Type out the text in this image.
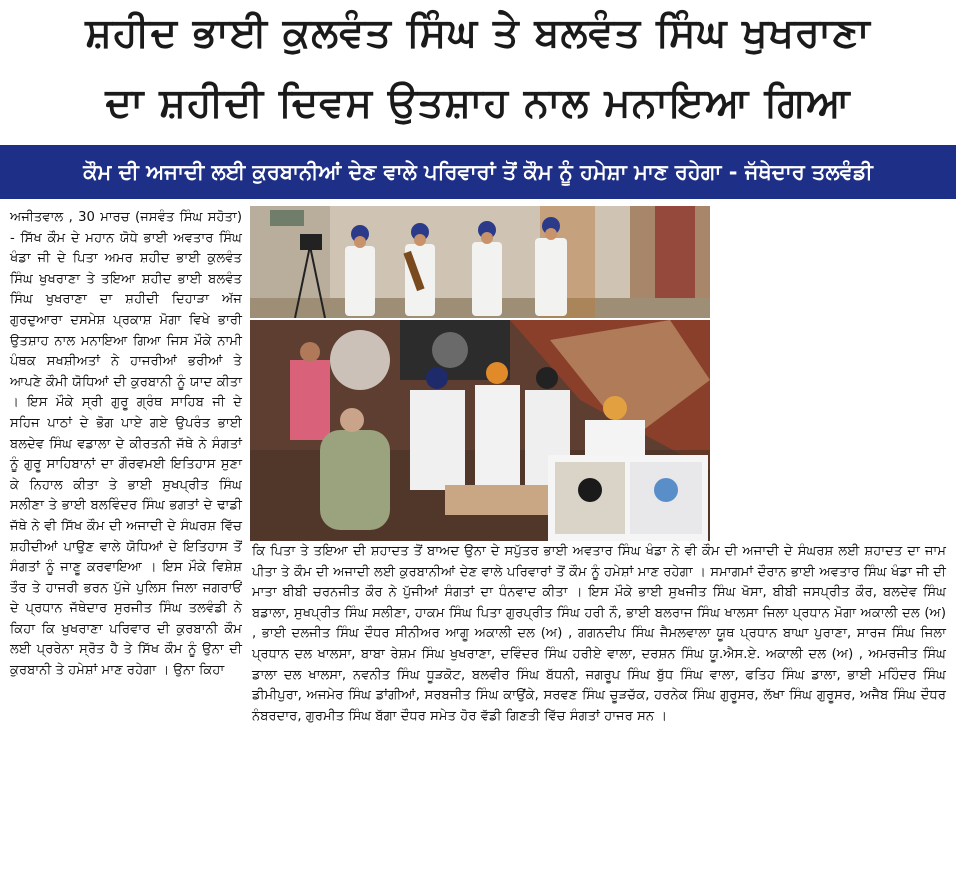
ਸ਼ਹੀਦ ਭਾਈ ਕੁਲਵੰਤ ਸਿੰਘ ਤੇ ਬਲਵੰਤ ਸਿੰਘ ਖੁਖਰਾਣਾ
ਦਾ ਸ਼ਹੀਦੀ ਦਿਵਸ ਉਤਸ਼ਾਹ ਨਾਲ ਮਨਾਇਆ ਗਿਆ
ਕੌਮ ਦੀ ਅਜਾਦੀ ਲਈ ਕੁਰਬਾਨੀਆਂ ਦੇਣ ਵਾਲੇ ਪਰਿਵਾਰਾਂ ਤੋਂ ਕੌਮ ਨੂੰ ਹਮੇਸ਼ਾ ਮਾਣ ਰਹੇਗਾ - ਜੱਥੇਦਾਰ ਤਲਵੰਡੀ
ਅਜੀਤਵਾਲ , 30 ਮਾਰਚ (ਜਸਵੰਤ ਸਿੰਘ ਸਹੋਤਾ) - ਸਿੱਖ ਕੌਮ ਦੇ ਮਹਾਨ ਯੋਧੇ ਭਾਈ ਅਵਤਾਰ ਸਿੰਘ ਖੰਡਾ ਜੀ ਦੇ ਪਿਤਾ ਅਮਰ ਸ਼ਹੀਦ ਭਾਈ ਕੁਲਵੰਤ ਸਿੰਘ ਖੁਖਰਾਣਾ ਤੇ ਤਇਆ ਸ਼ਹੀਦ ਭਾਈ ਬਲਵੰਤ ਸਿੰਘ ਖੁਖਰਾਣਾ ਦਾ ਸ਼ਹੀਦੀ ਦਿਹਾੜਾ ਅੱਜ ਗੁਰਦੁਆਰਾ ਦਸਮੇਸ਼ ਪ੍ਰਕਾਸ਼ ਮੋਗਾ ਵਿਖੇ ਭਾਰੀ ਉਤਸ਼ਾਹ ਨਾਲ ਮਨਾਇਆ ਗਿਆ ਜਿਸ ਮੌਕੇ ਨਾਮੀ ਪੰਥਕ ਸਖਸ਼ੀਅਤਾਂ ਨੇ ਹਾਜਰੀਆਂ ਭਰੀਆਂ ਤੇ ਆਪਣੇ ਕੌਮੀ ਯੋਧਿਆਂ ਦੀ ਕੁਰਬਾਨੀ ਨੂੰ ਯਾਦ ਕੀਤਾ । ਇਸ ਮੌਕੇ ਸ੍ਰੀ ਗੁਰੂ ਗ੍ਰੰਥ ਸਾਹਿਬ ਜੀ ਦੇ ਸਹਿਜ ਪਾਠਾਂ ਦੇ ਭੋਗ ਪਾਏ ਗਏ ਉਪਰੰਤ ਭਾਈ ਬਲਦੇਵ ਸਿੰਘ ਵਡਾਲਾ ਦੇ ਕੀਰਤਨੀ ਜੱਥੇ ਨੇ ਸੰਗਤਾਂ ਨੂੰ ਗੁਰੂ ਸਾਹਿਬਾਨਾਂ ਦਾ ਗੌਰਵਮਈ ਇਤਿਹਾਸ ਸੁਣਾ ਕੇ ਨਿਹਾਲ ਕੀਤਾ ਤੇ ਭਾਈ ਸੁਖਪ੍ਰੀਤ ਸਿੰਘ ਸਲੀਣਾ ਤੇ ਭਾਈ ਬਲਵਿੰਦਰ ਸਿੰਘ ਭਗਤਾਂ ਦੇ ਢਾਡੀ ਜੱਥੇ ਨੇ ਵੀ ਸਿੱਖ ਕੌਮ ਦੀ ਅਜਾਦੀ ਦੇ ਸੰਘਰਸ਼ ਵਿੱਚ ਸ਼ਹੀਦੀਆਂ ਪਾਉਣ ਵਾਲੇ ਯੋਧਿਆਂ ਦੇ ਇਤਿਹਾਸ ਤੋਂ ਸੰਗਤਾਂ ਨੂੰ ਜਾਣੂ ਕਰਵਾਇਆ । ਇਸ ਮੌਕੇ ਵਿਸ਼ੇਸ਼ ਤੌਰ ਤੇ ਹਾਜਰੀ ਭਰਨ ਪੁੱਜੇ ਪੁਲਿਸ ਜਿਲਾ ਜਗਰਾਓਂ ਦੇ ਪ੍ਰਧਾਨ ਜੱਥੇਦਾਰ ਸੁਰਜੀਤ ਸਿੰਘ ਤਲਵੰਡੀ ਨੇ ਕਿਹਾ ਕਿ ਖੁਖਰਾਣਾ ਪਰਿਵਾਰ ਦੀ ਕੁਰਬਾਨੀ ਕੌਮ ਲਈ ਪ੍ਰਰੇਨਾ ਸ੍ਰੋਤ ਹੈ ਤੇ ਸਿੱਖ ਕੌਮ ਨੂੰ ਉਨਾ ਦੀ ਕੁਰਬਾਨੀ ਤੇ ਹਮੇਸ਼ਾਂ ਮਾਣ ਰਹੇਗਾ । ਉਨਾ ਕਿਹਾ
ਕਿ ਪਿਤਾ ਤੇ ਤਇਆ ਦੀ ਸ਼ਹਾਦਤ ਤੋਂ ਬਾਅਦ ਉਨਾ ਦੇ ਸਪੁੱਤਰ ਭਾਈ ਅਵਤਾਰ ਸਿੰਘ ਖੰਡਾ ਨੇ ਵੀ ਕੌਮ ਦੀ ਅਜਾਦੀ ਦੇ ਸੰਘਰਸ਼ ਲਈ ਸ਼ਹਾਦਤ ਦਾ ਜਾਮ ਪੀਤਾ ਤੇ ਕੌਮ ਦੀ ਅਜਾਦੀ ਲਈ ਕੁਰਬਾਨੀਆਂ ਦੇਣ ਵਾਲੇ ਪਰਿਵਾਰਾਂ ਤੋਂ ਕੌਮ ਨੂੰ ਹਮੇਸ਼ਾਂ ਮਾਣ ਰਹੇਗਾ । ਸਮਾਗਮਾਂ ਦੌਰਾਨ ਭਾਈ ਅਵਤਾਰ ਸਿੰਘ ਖੰਡਾ ਜੀ ਦੀ ਮਾਤਾ ਬੀਬੀ ਚਰਨਜੀਤ ਕੌਰ ਨੇ ਪੁੱਜੀਆਂ ਸੰਗਤਾਂ ਦਾ ਧੰਨਵਾਦ ਕੀਤਾ । ਇਸ ਮੌਕੇ ਭਾਈ ਸੁਖਜੀਤ ਸਿੰਘ ਖੋਸਾ, ਬੀਬੀ ਜਸਪ੍ਰੀਤ ਕੌਰ, ਬਲਦੇਵ ਸਿੰਘ ਬਡਾਲਾ, ਸੁਖਪ੍ਰੀਤ ਸਿੰਘ ਸਲੀਣਾ, ਹਾਕਮ ਸਿੰਘ ਪਿਤਾ ਗੁਰਪ੍ਰੀਤ ਸਿੰਘ ਹਰੀ ਨੌ, ਭਾਈ ਬਲਰਾਜ ਸਿੰਘ ਖਾਲਸਾ ਜਿਲਾ ਪ੍ਰਧਾਨ ਮੋਗਾ ਅਕਾਲੀ ਦਲ (ਅ) , ਭਾਈ ਦਲਜੀਤ ਸਿੰਘ ਦੌਧਰ ਸੀਨੀਅਰ ਆਗੂ ਅਕਾਲੀ ਦਲ (ਅ) , ਗਗਨਦੀਪ ਸਿੰਘ ਜੈਮਲਵਾਲਾ ਯੂਥ ਪ੍ਰਧਾਨ ਬਾਘਾ ਪੁਰਾਣਾ, ਸਾਰਜ ਸਿੰਘ ਜਿਲਾ ਪ੍ਰਧਾਨ ਦਲ ਖਾਲਸਾ, ਬਾਬਾ ਰੇਸ਼ਮ ਸਿੰਘ ਖੁਖਰਾਣਾ, ਦਵਿੰਦਰ ਸਿੰਘ ਹਰੀਏ ਵਾਲਾ, ਦਰਸ਼ਨ ਸਿੰਘ ਯੂ.ਐਸ.ਏ. ਅਕਾਲੀ ਦਲ (ਅ) , ਅਮਰਜੀਤ ਸਿੰਘ ਡਾਲਾ ਦਲ ਖਾਲਸਾ, ਨਵਨੀਤ ਸਿੰਘ ਧੂੜਕੋਟ, ਬਲਵੀਰ ਸਿੰਘ ਬੱਧਨੀ, ਜਗਰੂਪ ਸਿੰਘ ਬੁੱਧ ਸਿੰਘ ਵਾਲਾ, ਫਤਿਹ ਸਿੰਘ ਡਾਲਾ, ਭਾਈ ਮਹਿੰਦਰ ਸਿੰਘ ਡੀਮੀਪੁਰਾ, ਅਜਮੇਰ ਸਿੰਘ ਡਾਂਗੀਆਂ, ਸਰਬਜੀਤ ਸਿੰਘ ਕਾਉਂਕੇ, ਸਰਵਣ ਸਿੰਘ ਚੂੜਚੱਕ, ਹਰਨੇਕ ਸਿੰਘ ਗੁਰੂਸਰ, ਲੱਖਾ ਸਿੰਘ ਗੁਰੂਸਰ, ਅਜੈਬ ਸਿੰਘ ਦੌਧਰ ਨੰਬਰਦਾਰ, ਗੁਰਮੀਤ ਸਿੰਘ ਬੱਗਾ ਦੌਧਰ ਸਮੇਤ ਹੋਰ ਵੱਡੀ ਗਿਣਤੀ ਵਿੱਚ ਸੰਗਤਾਂ ਹਾਜਰ ਸਨ ।
